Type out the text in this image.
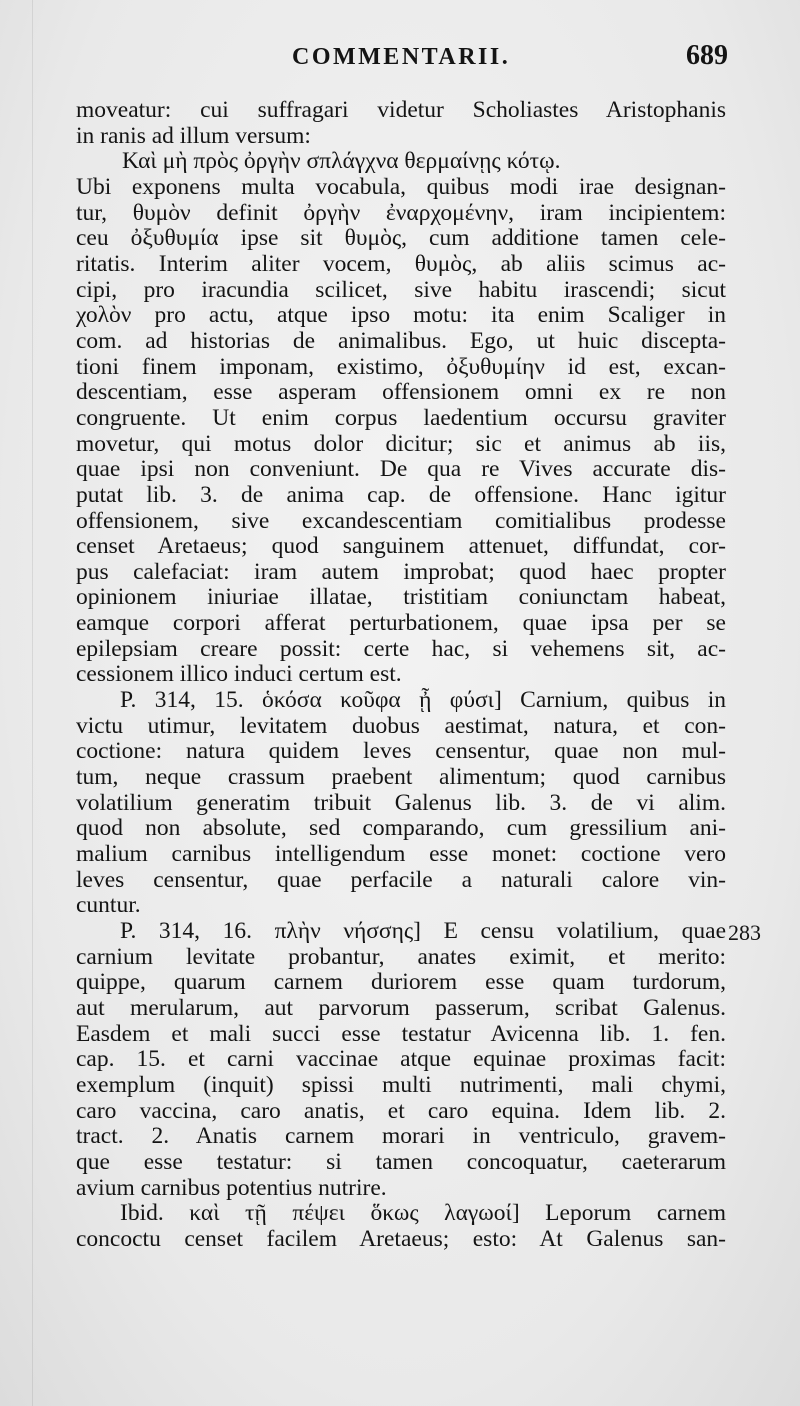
COMMENTARII.	689
moveatur: cui suffragari videtur Scholiastes Aristophanis
in ranis ad illum versum:
Καὶ μὴ πρὸς ὀργὴν σπλάγχνα θερμαίνῃς κότῳ.
Ubi exponens multa vocabula, quibus modi irae designan-
tur, θυμὸν definit ὀργὴν ἐναρχομένην, iram incipientem:
ceu ὀξυθυμία ipse sit θυμὸς, cum additione tamen cele-
ritatis. Interim aliter vocem, θυμὸς, ab aliis scimus ac-
cipi, pro iracundia scilicet, sive habitu irascendi; sicut
χολὸν pro actu, atque ipso motu: ita enim Scaliger in
com. ad historias de animalibus. Ego, ut huic discepta-
tioni finem imponam, existimo, ὀξυθυμίην id est, excan-
descentiam, esse asperam offensionem omni ex re non
congruente. Ut enim corpus laedentium occursu graviter
movetur, qui motus dolor dicitur; sic et animus ab iis,
quae ipsi non conveniunt. De qua re Vives accurate dis-
putat lib. 3. de anima cap. de offensione. Hanc igitur
offensionem, sive excandescentiam comitialibus prodesse
censet Aretaeus; quod sanguinem attenuet, diffundat, cor-
pus calefaciat: iram autem improbat; quod haec propter
opinionem iniuriae illatae, tristitiam coniunctam habeat,
eamque corpori afferat perturbationem, quae ipsa per se
epilepsiam creare possit: certe hac, si vehemens sit, ac-
cessionem illico induci certum est.
P. 314, 15. ὁκόσα κοῦφα ᾖ φύσι] Carnium, quibus in
victu utimur, levitatem duobus aestimat, natura, et con-
coctione: natura quidem leves censentur, quae non mul-
tum, neque crassum praebent alimentum; quod carnibus
volatilium generatim tribuit Galenus lib. 3. de vi alim.
quod non absolute, sed comparando, cum gressilium ani-
malium carnibus intelligendum esse monet: coctione vero
leves censentur, quae perfacile a naturali calore vin-
cuntur.
P. 314, 16. πλὴν νήσσης] E censu volatilium, quae
carnium levitate probantur, anates eximit, et merito:
quippe, quarum carnem duriorem esse quam turdorum,
aut merularum, aut parvorum passerum, scribat Galenus.
Easdem et mali succi esse testatur Avicenna lib. 1. fen.
cap. 15. et carni vaccinae atque equinae proximas facit:
exemplum (inquit) spissi multi nutrimenti, mali chymi,
caro vaccina, caro anatis, et caro equina. Idem lib. 2.
tract. 2. Anatis carnem morari in ventriculo, gravem-
que esse testatur: si tamen concoquatur, caeterarum
avium carnibus potentius nutrire.
Ibid. καὶ τῇ πέψει ὅκως λαγωοί] Leporum carnem
concoctu censet facilem Aretaeus; esto: At Galenus san-
283
